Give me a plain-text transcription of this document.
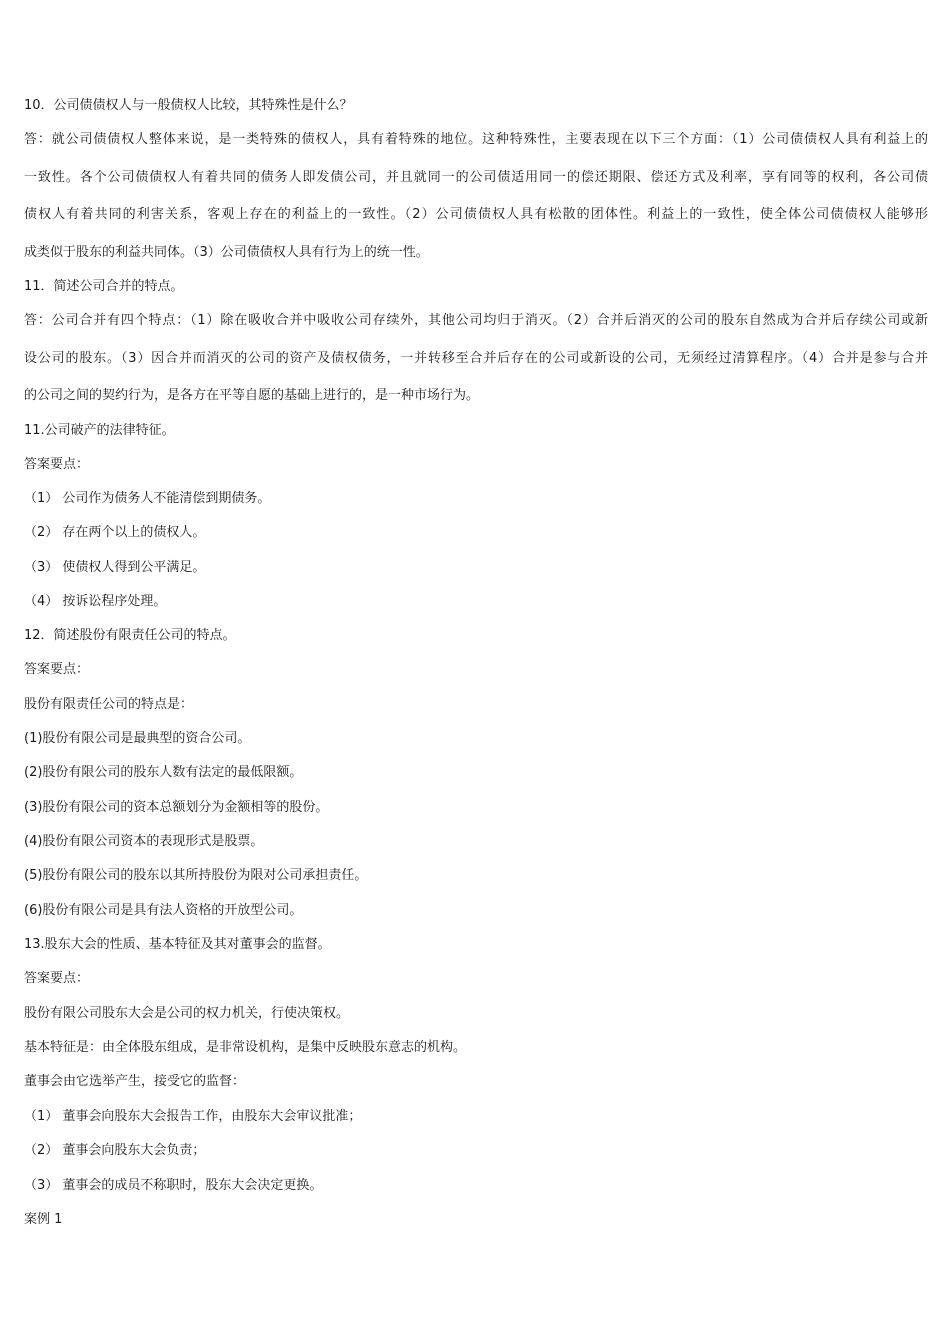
10．公司债债权人与一般债权人比较，其特殊性是什么？
答：就公司债债权人整体来说，是一类特殊的债权人，具有着特殊的地位。这种特殊性，主要表现在以下三个方面：（1）公司债债权人具有利益上的
一致性。各个公司债债权人有着共同的债务人即发债公司，并且就同一的公司债适用同一的偿还期限、偿还方式及利率，享有同等的权利，各公司债
债权人有着共同的利害关系，客观上存在的利益上的一致性。（2）公司债债权人具有松散的团体性。利益上的一致性，使全体公司债债权人能够形
成类似于股东的利益共同体。（3）公司债债权人具有行为上的统一性。
11．简述公司合并的特点。
答：公司合并有四个特点：（1）除在吸收合并中吸收公司存续外，其他公司均归于消灭。（2）合并后消灭的公司的股东自然成为合并后存续公司或新
设公司的股东。（3）因合并而消灭的公司的资产及债权债务，一并转移至合并后存在的公司或新设的公司，无须经过清算程序。（4）合并是参与合并
的公司之间的契约行为，是各方在平等自愿的基础上进行的，是一种市场行为。
11.公司破产的法律特征。
答案要点：
（1） 公司作为债务人不能清偿到期债务。
（2） 存在两个以上的债权人。
（3） 使债权人得到公平满足。
（4） 按诉讼程序处理。
12．简述股份有限责任公司的特点。
答案要点：
股份有限责任公司的特点是：
(1)股份有限公司是最典型的资合公司。
(2)股份有限公司的股东人数有法定的最低限额。
(3)股份有限公司的资本总额划分为金额相等的股份。
(4)股份有限公司资本的表现形式是股票。
(5)股份有限公司的股东以其所持股份为限对公司承担责任。
(6)股份有限公司是具有法人资格的开放型公司。
13.股东大会的性质、基本特征及其对董事会的监督。
答案要点：
股份有限公司股东大会是公司的权力机关，行使决策权。
基本特征是：由全体股东组成，是非常设机构，是集中反映股东意志的机构。
董事会由它选举产生，接受它的监督：
（1） 董事会向股东大会报告工作，由股东大会审议批准；
（2） 董事会向股东大会负责；
（3） 董事会的成员不称职时，股东大会决定更换。
案例 1
